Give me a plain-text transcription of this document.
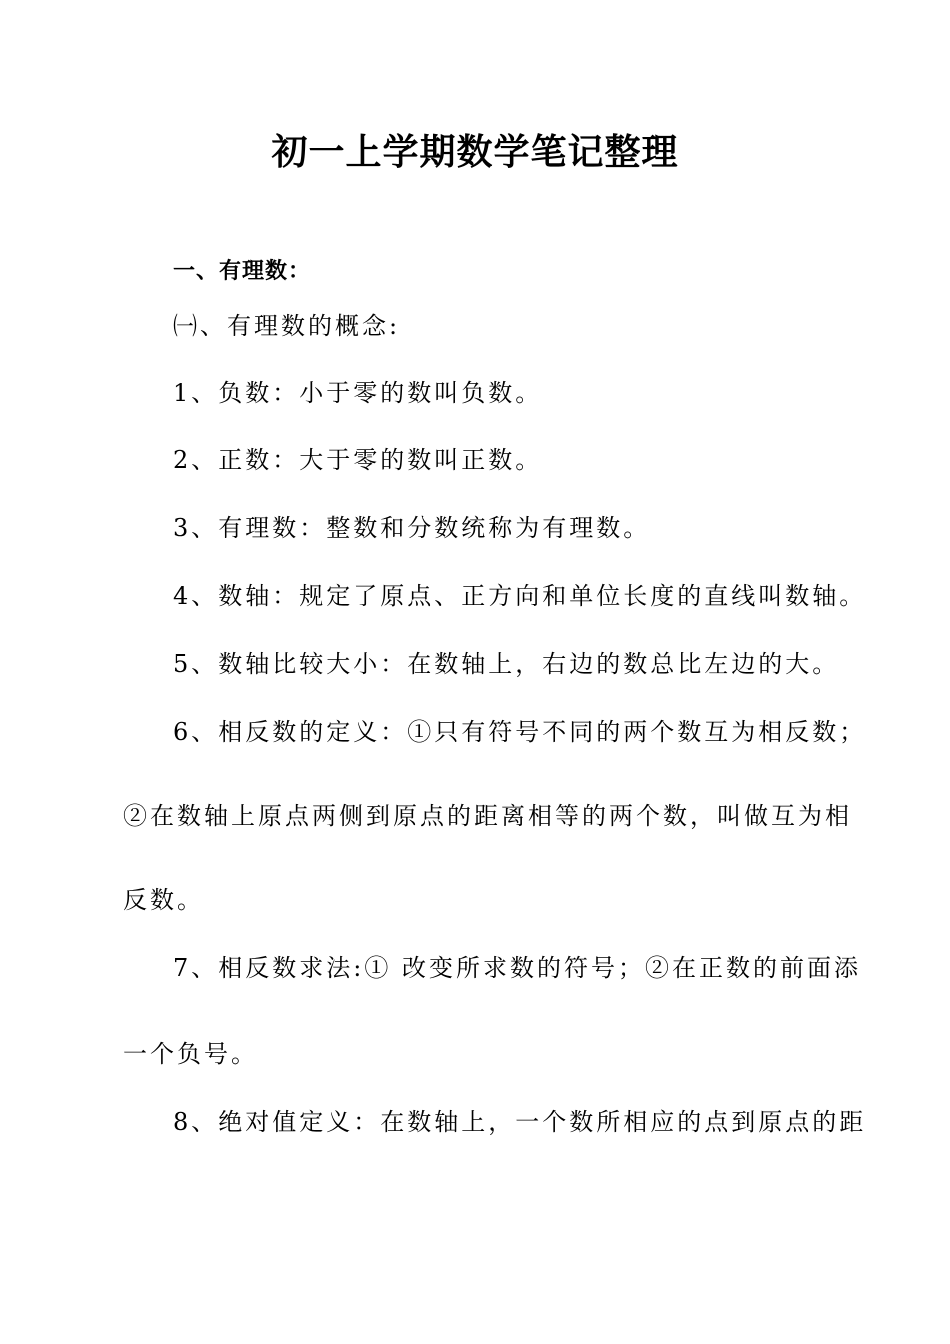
初一上学期数学笔记整理
一、有理数：
㈠、有理数的概念:
1、负数：小于零的数叫负数。
2、正数：大于零的数叫正数。
3、有理数：整数和分数统称为有理数。
4、数轴：规定了原点、正方向和单位长度的直线叫数轴。
5、数轴比较大小：在数轴上，右边的数总比左边的大。
6、相反数的定义：①只有符号不同的两个数互为相反数；
②在数轴上原点两侧到原点的距离相等的两个数，叫做互为相
反数。
7、相反数求法:① 改变所求数的符号；②在正数的前面添
一个负号。
8、绝对值定义：在数轴上，一个数所相应的点到原点的距
